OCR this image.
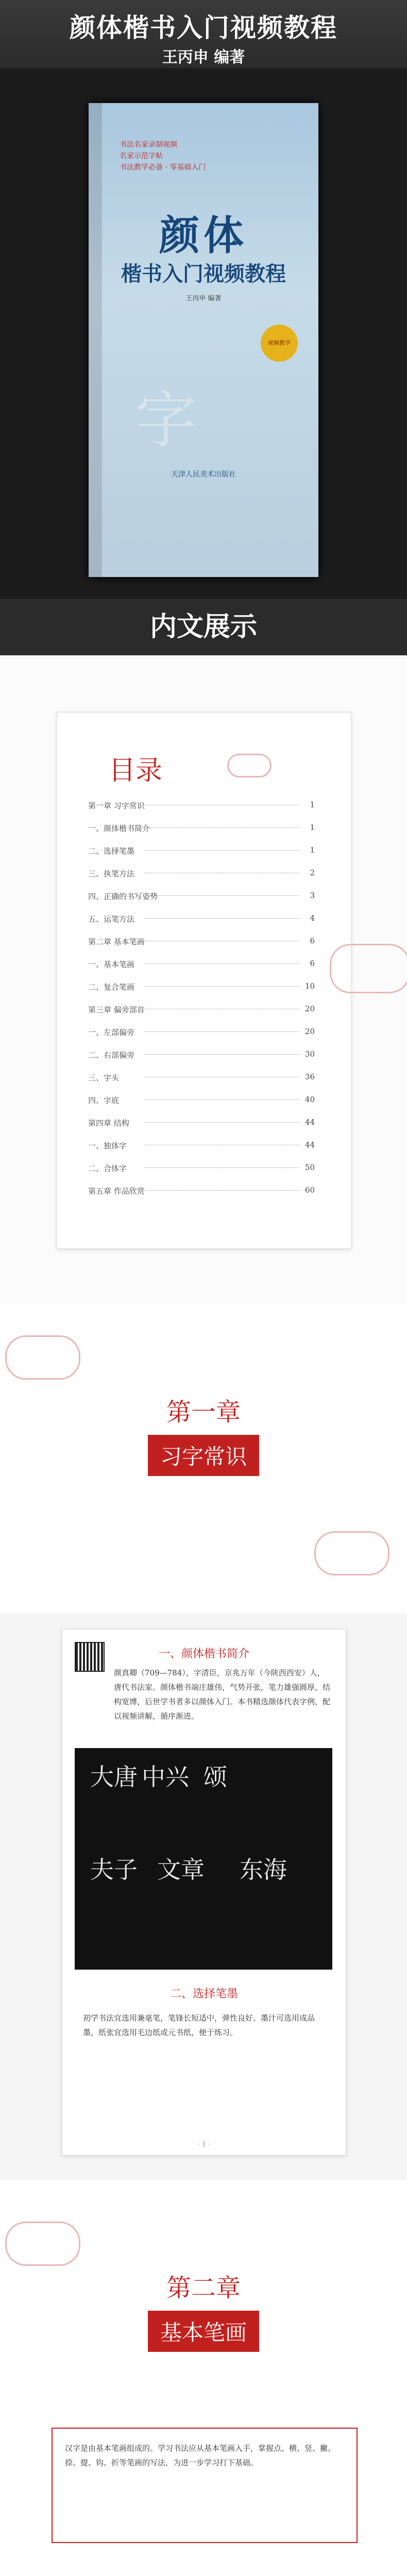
颜体楷书入门视频教程
王丙申 编著
书法名家录制视频
名家示范字帖
书法教学必备 · 零基础入门
颜体
楷书入门视频教程
王丙申 编著
视频教学
字
天津人民美术出版社
内文展示
目录
第一章 习字常识	1
一、颜体楷书简介	1
二、选择笔墨	1
三、执笔方法	2
四、正确的书写姿势	3
五、运笔方法	4
第二章 基本笔画	6
一、基本笔画	6
二、复合笔画	10
第三章 偏旁部首	20
一、左部偏旁	20
二、右部偏旁	30
三、字头	36
四、字底	40
第四章 结构	44
一、独体字	44
二、合体字	50
第五章 作品欣赏	60
第一章
习字常识
一、颜体楷书简介
颜真卿（709—784），字清臣，京兆万年（今陕西西安）人，唐代书法家。颜体楷书端庄雄伟，气势开张，笔力雄强圆厚，结构宽博，后世学书者多以颜体入门。本书精选颜体代表字例，配以视频讲解，循序渐进。
大唐 中兴 颂
夫子 文章 东海
二、选择笔墨
初学书法宜选用兼毫笔，笔锋长短适中，弹性良好。墨汁可选用成品墨，纸张宜选用毛边纸或元书纸，便于练习。
· 1 ·
第二章
基本笔画
汉字是由基本笔画组成的。学习书法应从基本笔画入手，掌握点、横、竖、撇、捺、提、钩、折等笔画的写法，为进一步学习打下基础。
